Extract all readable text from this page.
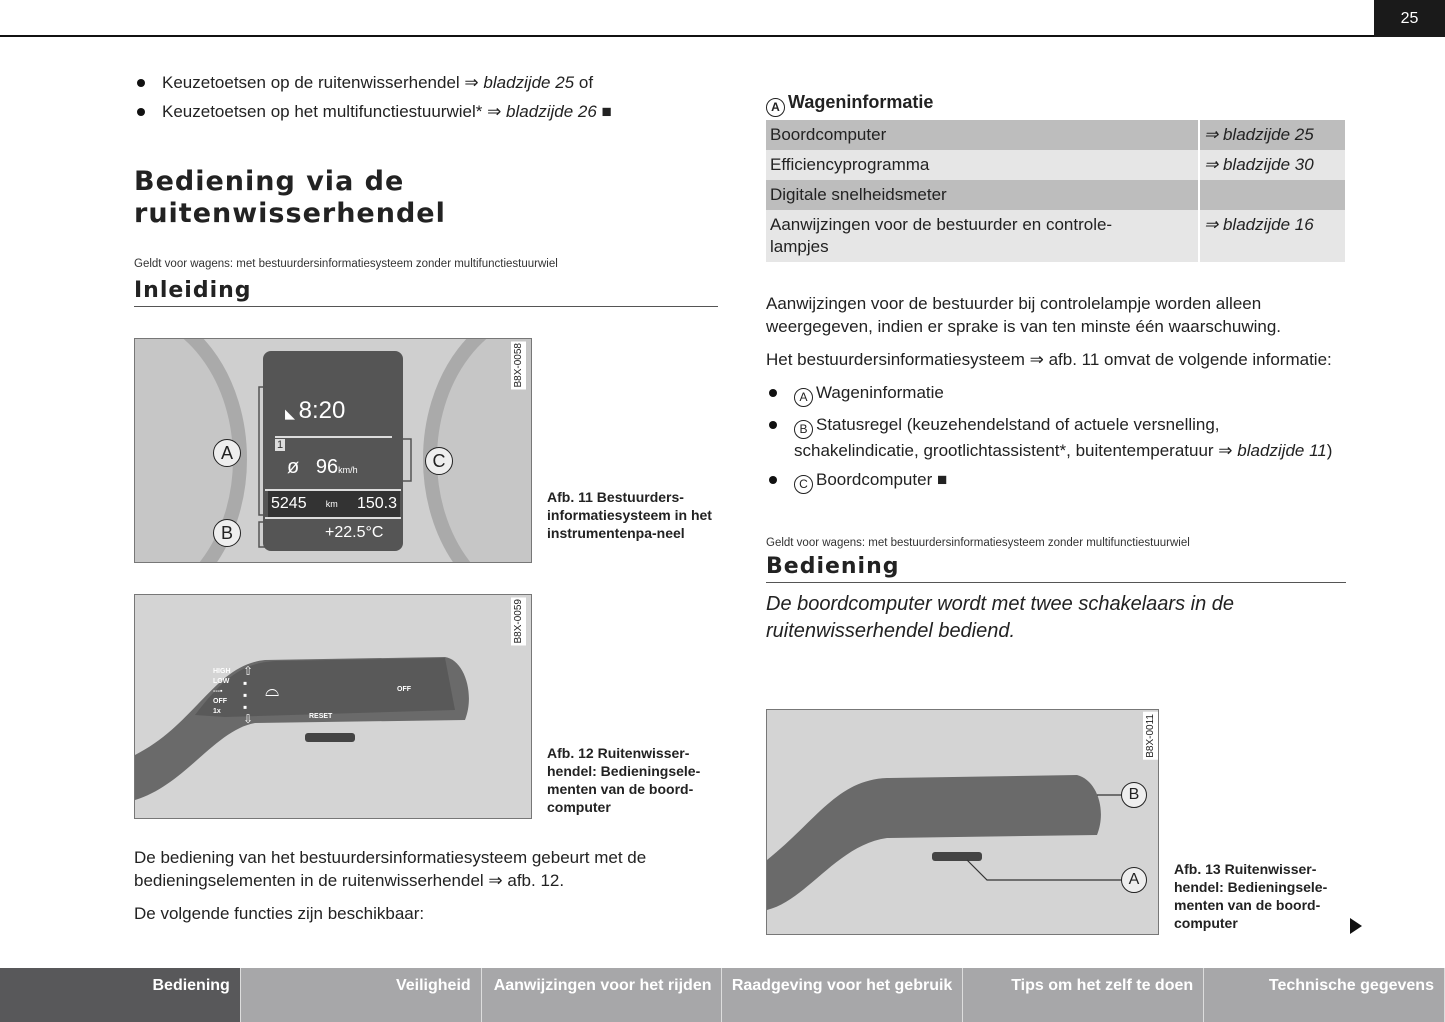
25
Keuzetoetsen op de ruitenwisserhendel ⇒ bladzijde 25 of
Keuzetoetsen op het multifunctiestuurwiel* ⇒ bladzijde 26 ■
Bediening via de ruitenwisserhendel
Geldt voor wagens: met bestuurdersinformatiesysteem zonder multifunctiestuurwiel
Inleiding
◣ 8:20
1
ø 96km/h
5245 km 150.3
+22.5°C
A
B
C
B8X-0058
Afb. 11 Bestuurders-informatiesysteem in het instrumentenpa-neel
HIGH
LOW
---▪
OFF
1x
⇧
▪
▪
▪
⇩
⌓
RESET
OFF
B8X-0059
Afb. 12 Ruitenwisser-hendel: Bedieningsele-menten van de boord-computer
De bediening van het bestuurdersinformatiesysteem gebeurt met de bedieningselementen in de ruitenwisserhendel ⇒ afb. 12.
De volgende functies zijn beschikbaar:
A Wageninformatie
Boordcomputer	⇒ bladzijde 25
Efficiencyprogramma	⇒ bladzijde 30
Digitale snelheidsmeter	
Aanwijzingen voor de bestuurder en controle-lampjes	⇒ bladzijde 16
Aanwijzingen voor de bestuurder bij controlelampje worden alleen weergegeven, indien er sprake is van ten minste één waarschuwing.
Het bestuurdersinformatiesysteem ⇒ afb. 11 omvat de volgende informatie:
A Wageninformatie
B Statusregel (keuzehendelstand of actuele versnelling, schakelindicatie, grootlichtassistent*, buitentemperatuur ⇒ bladzijde 11)
C Boordcomputer ■
Geldt voor wagens: met bestuurdersinformatiesysteem zonder multifunctiestuurwiel
Bediening
De boordcomputer wordt met twee schakelaars in de ruitenwisserhendel bediend.
B
A
B8X-0011
Afb. 13 Ruitenwisser-hendel: Bedieningsele-menten van de boord-computer
Bediening	Veiligheid	Aanwijzingen voor het rijden	Raadgeving voor het gebruik	Tips om het zelf te doen	Technische gegevens
